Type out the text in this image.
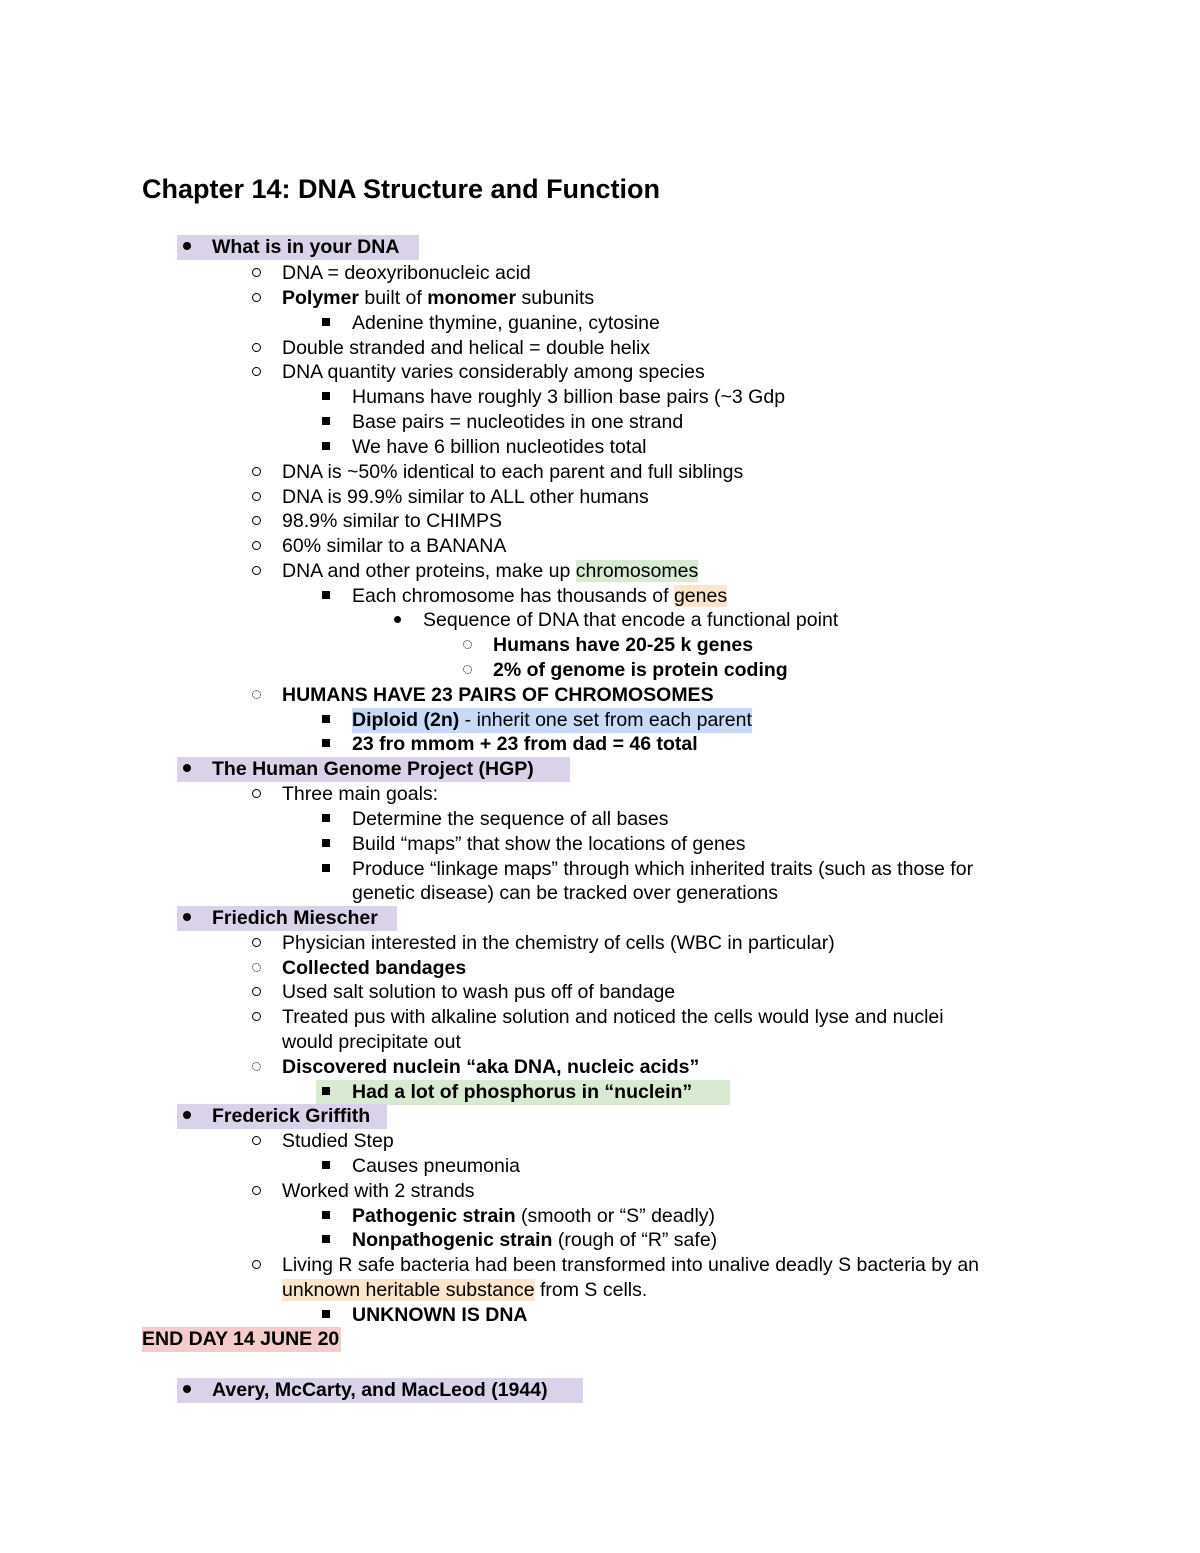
Chapter 14: DNA Structure and Function
What is in your DNA
DNA = deoxyribonucleic acid
Polymer built of monomer subunits
Adenine thymine, guanine, cytosine
Double stranded and helical = double helix
DNA quantity varies considerably among species
Humans have roughly 3 billion base pairs (~3 Gdp
Base pairs = nucleotides in one strand
We have 6 billion nucleotides total
DNA is ~50% identical to each parent and full siblings
DNA is 99.9% similar to ALL other humans
98.9% similar to CHIMPS
60% similar to a BANANA
DNA and other proteins, make up chromosomes
Each chromosome has thousands of genes
Sequence of DNA that encode a functional point
Humans have 20-25 k genes
2% of genome is protein coding
HUMANS HAVE 23 PAIRS OF CHROMOSOMES
Diploid (2n) - inherit one set from each parent
23 fro mmom + 23 from dad = 46 total
The Human Genome Project (HGP)
Three main goals:
Determine the sequence of all bases
Build “maps” that show the locations of genes
Produce “linkage maps” through which inherited traits (such as those for
genetic disease) can be tracked over generations
Friedich Miescher
Physician interested in the chemistry of cells (WBC in particular)
Collected bandages
Used salt solution to wash pus off of bandage
Treated pus with alkaline solution and noticed the cells would lyse and nuclei
would precipitate out
Discovered nuclein “aka DNA, nucleic acids”
Had a lot of phosphorus in “nuclein”
Frederick Griffith
Studied Step
Causes pneumonia
Worked with 2 strands
Pathogenic strain (smooth or “S” deadly)
Nonpathogenic strain (rough of “R” safe)
Living R safe bacteria had been transformed into unalive deadly S bacteria by an
unknown heritable substance from S cells.
UNKNOWN IS DNA
END DAY 14 JUNE 20
Avery, McCarty, and MacLeod (1944)
